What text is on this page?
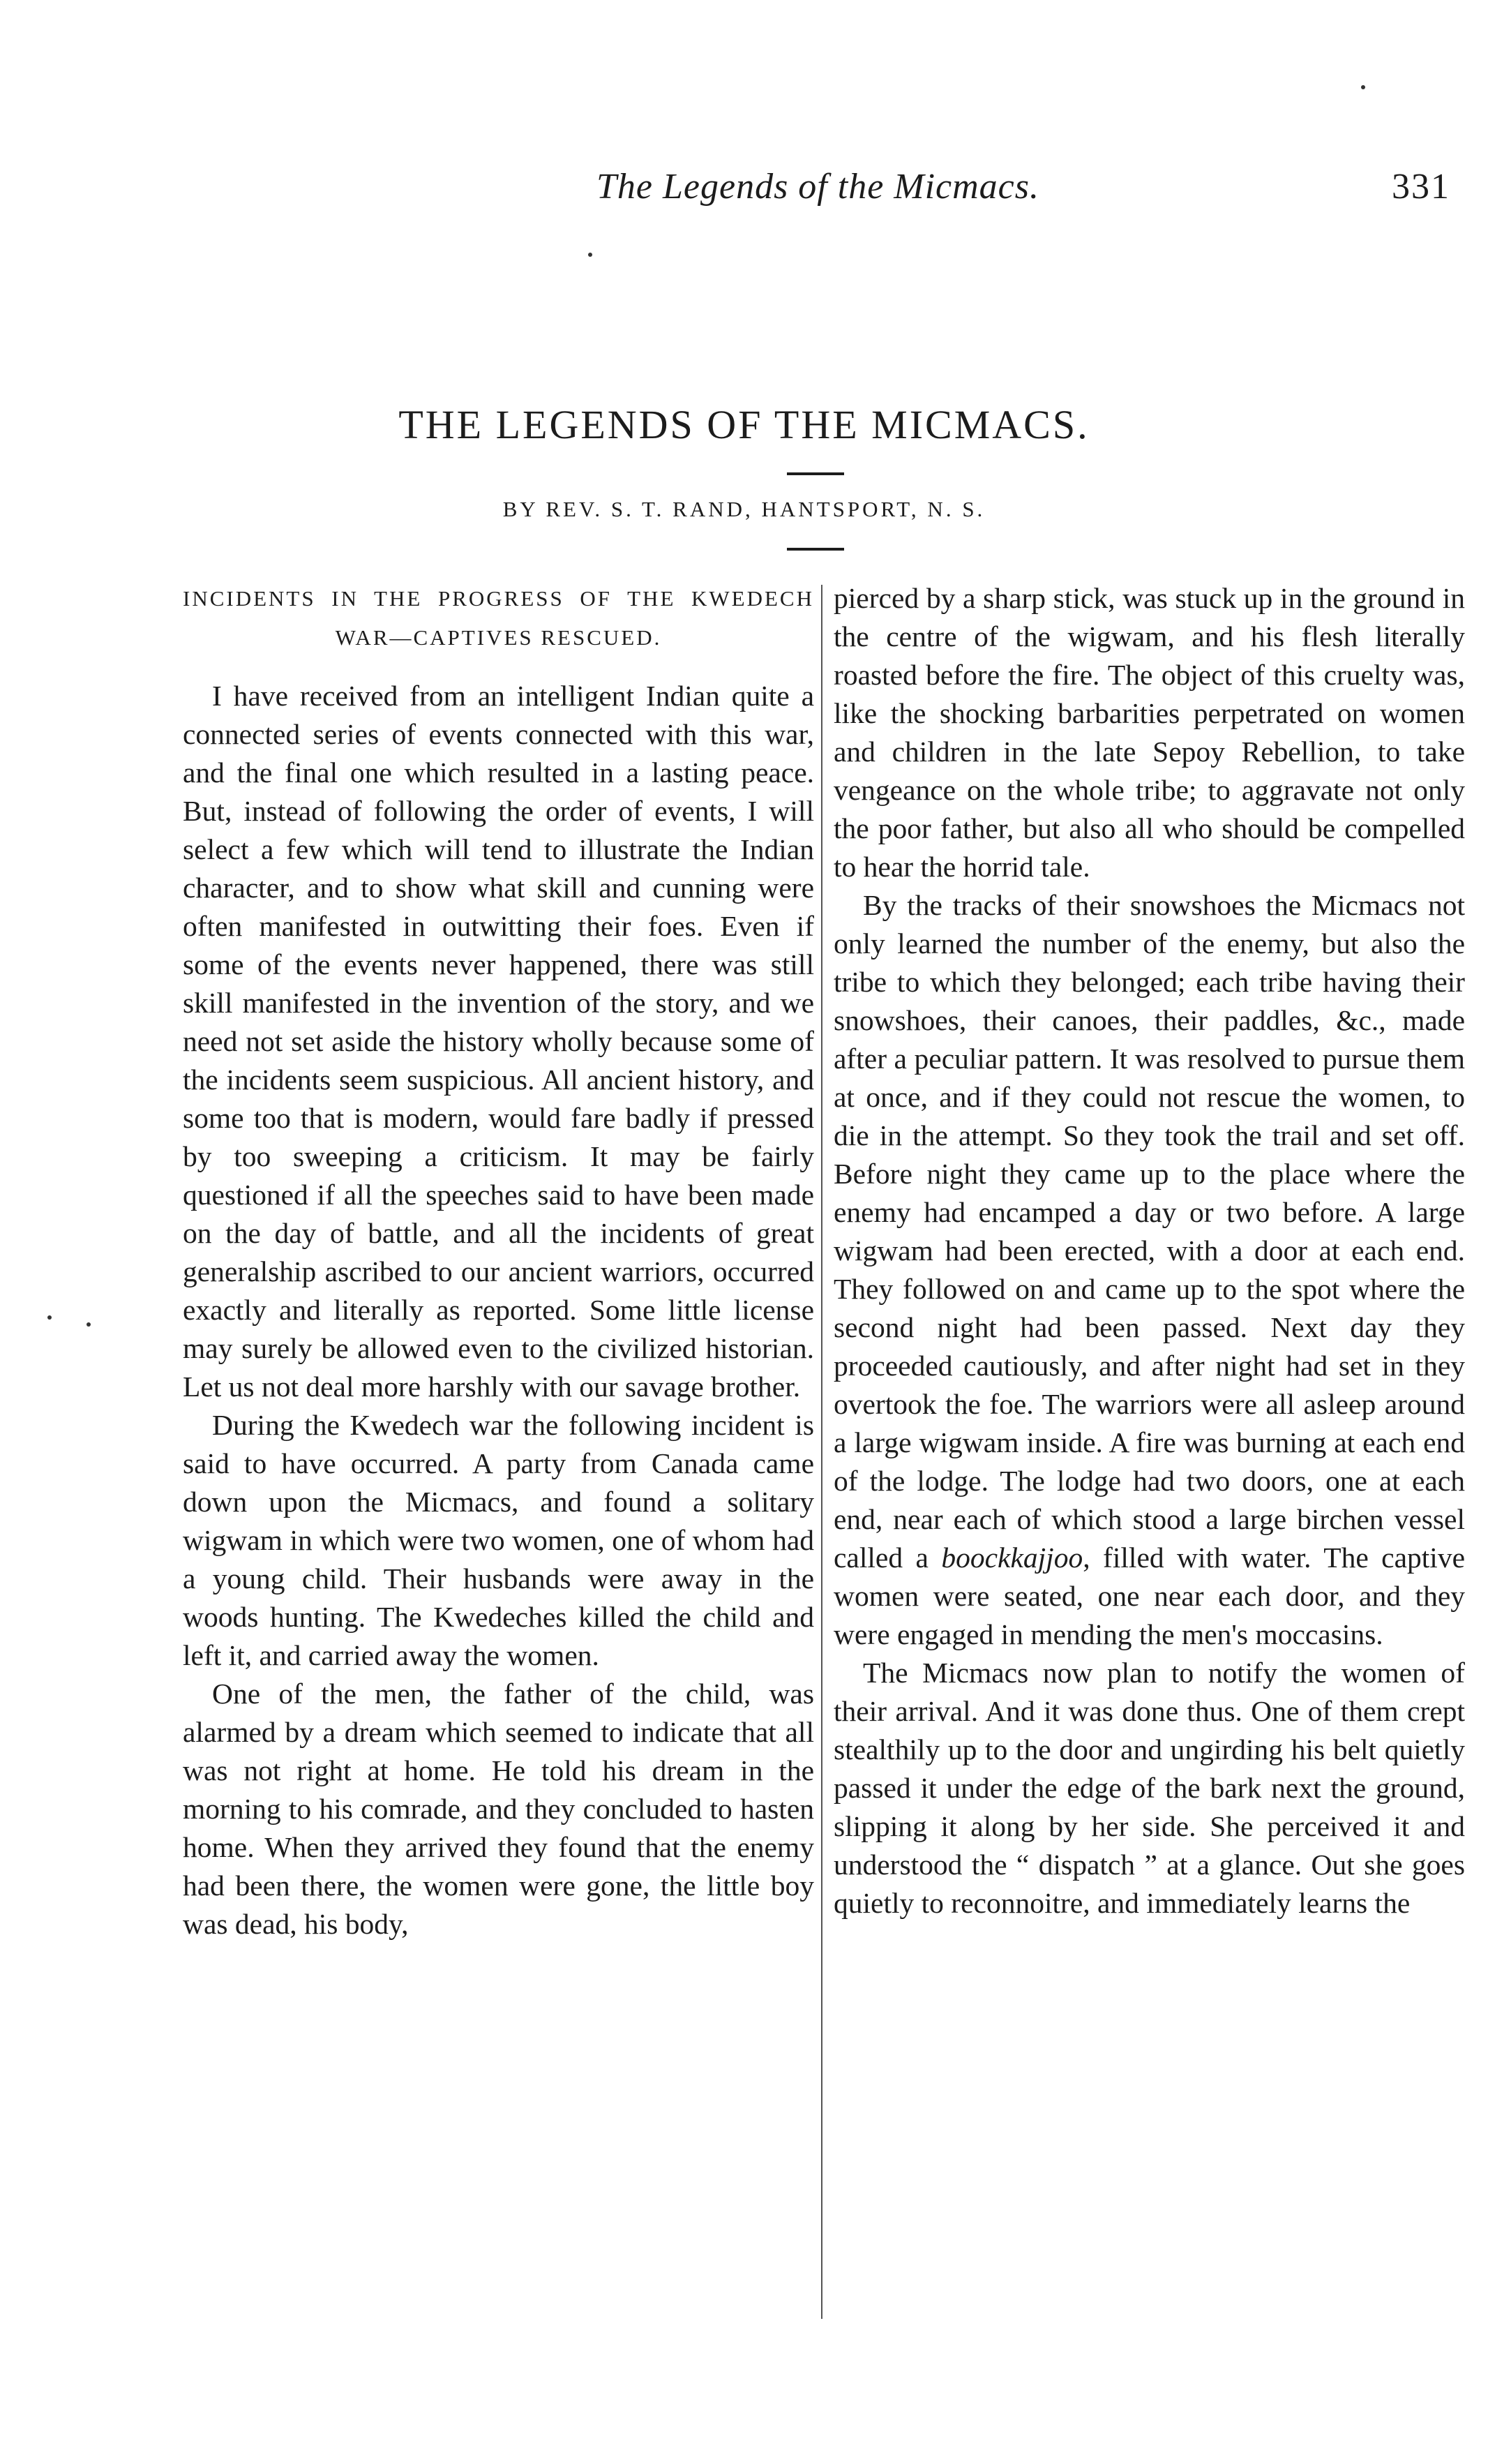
The Legends of the Micmacs.	331
THE LEGENDS OF THE MICMACS.
BY REV. S. T. RAND, HANTSPORT, N. S.
INCIDENTS IN THE PROGRESS OF THE KWEDECH WAR—CAPTIVES RESCUED.

I have received from an intelligent Indian quite a connected series of events connected with this war, and the final one which resulted in a lasting peace. But, instead of following the order of events, I will select a few which will tend to illustrate the Indian character, and to show what skill and cunning were often manifested in outwitting their foes. Even if some of the events never happened, there was still skill manifested in the invention of the story, and we need not set aside the history wholly because some of the incidents seem suspicious. All ancient history, and some too that is modern, would fare badly if pressed by too sweeping a criticism. It may be fairly questioned if all the speeches said to have been made on the day of battle, and all the incidents of great generalship ascribed to our ancient warriors, occurred exactly and literally as reported. Some little license may surely be allowed even to the civilized historian. Let us not deal more harshly with our savage brother.

During the Kwedech war the following incident is said to have occurred. A party from Canada came down upon the Micmacs, and found a solitary wigwam in which were two women, one of whom had a young child. Their husbands were away in the woods hunting. The Kwedeches killed the child and left it, and carried away the women.

One of the men, the father of the child, was alarmed by a dream which seemed to indicate that all was not right at home. He told his dream in the morning to his comrade, and they concluded to hasten home. When they arrived they found that the enemy had been there, the women were gone, the little boy was dead, his body,

pierced by a sharp stick, was stuck up in the ground in the centre of the wigwam, and his flesh literally roasted before the fire. The object of this cruelty was, like the shocking barbarities perpetrated on women and children in the late Sepoy Rebellion, to take vengeance on the whole tribe; to aggravate not only the poor father, but also all who should be compelled to hear the horrid tale.

By the tracks of their snowshoes the Micmacs not only learned the number of the enemy, but also the tribe to which they belonged; each tribe having their snowshoes, their canoes, their paddles, &c., made after a peculiar pattern. It was resolved to pursue them at once, and if they could not rescue the women, to die in the attempt. So they took the trail and set off. Before night they came up to the place where the enemy had encamped a day or two before. A large wigwam had been erected, with a door at each end. They followed on and came up to the spot where the second night had been passed. Next day they proceeded cautiously, and after night had set in they overtook the foe. The warriors were all asleep around a large wigwam inside. A fire was burning at each end of the lodge. The lodge had two doors, one at each end, near each of which stood a large birchen vessel called a boockkajjoo, filled with water. The captive women were seated, one near each door, and they were engaged in mending the men's moccasins.

The Micmacs now plan to notify the women of their arrival. And it was done thus. One of them crept stealthily up to the door and ungirding his belt quietly passed it under the edge of the bark next the ground, slipping it along by her side. She perceived it and understood the “ dispatch ” at a glance. Out she goes quietly to reconnoitre, and immediately learns the
